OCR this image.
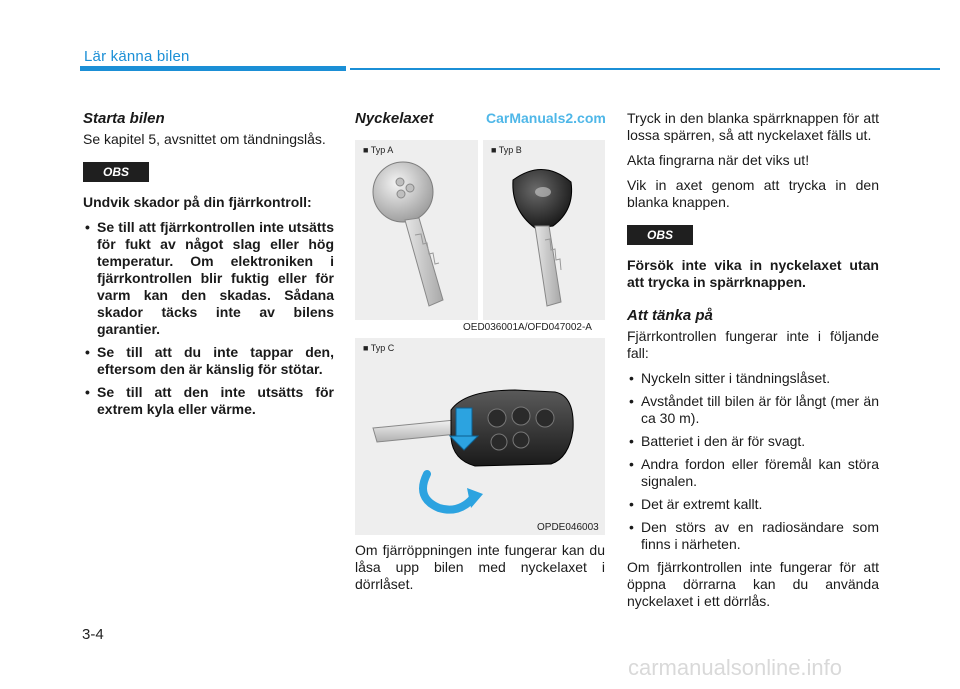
Lär känna bilen
Starta bilen
Se kapitel 5, avsnittet om tändningslås.
OBS
Undvik skador på din fjärrkontroll:
• Se till att fjärrkontrollen inte utsätts för fukt av något slag eller hög temperatur. Om elektroniken i fjärrkontrollen blir fuktig eller för varm kan den skadas. Sådana skador täcks inte av bilens garantier.
• Se till att du inte tappar den, eftersom den är känslig för stötar.
• Se till att den inte utsätts för extrem kyla eller värme.
Nyckelaxet	CarManuals2.com
■ Typ A	■ Typ B
OED036001A/OFD047002-A
■ Typ C
OPDE046003
Om fjärröppningen inte fungerar kan du låsa upp bilen med nyckelaxet i dörrlåset.
Tryck in den blanka spärrknappen för att lossa spärren, så att nyckelaxet fälls ut.
Akta fingrarna när det viks ut!
Vik in axet genom att trycka in den blanka knappen.
OBS
Försök inte vika in nyckelaxet utan att trycka in spärrknappen.
Att tänka på
Fjärrkontrollen fungerar inte i följande fall:
• Nyckeln sitter i tändningslåset.
• Avståndet till bilen är för långt (mer än ca 30 m).
• Batteriet i den är för svagt.
• Andra fordon eller föremål kan störa signalen.
• Det är extremt kallt.
• Den störs av en radiosändare som finns i närheten.
Om fjärrkontrollen inte fungerar för att öppna dörrarna kan du använda nyckelaxet i ett dörrlås.
3-4
carmanualsonline.info
